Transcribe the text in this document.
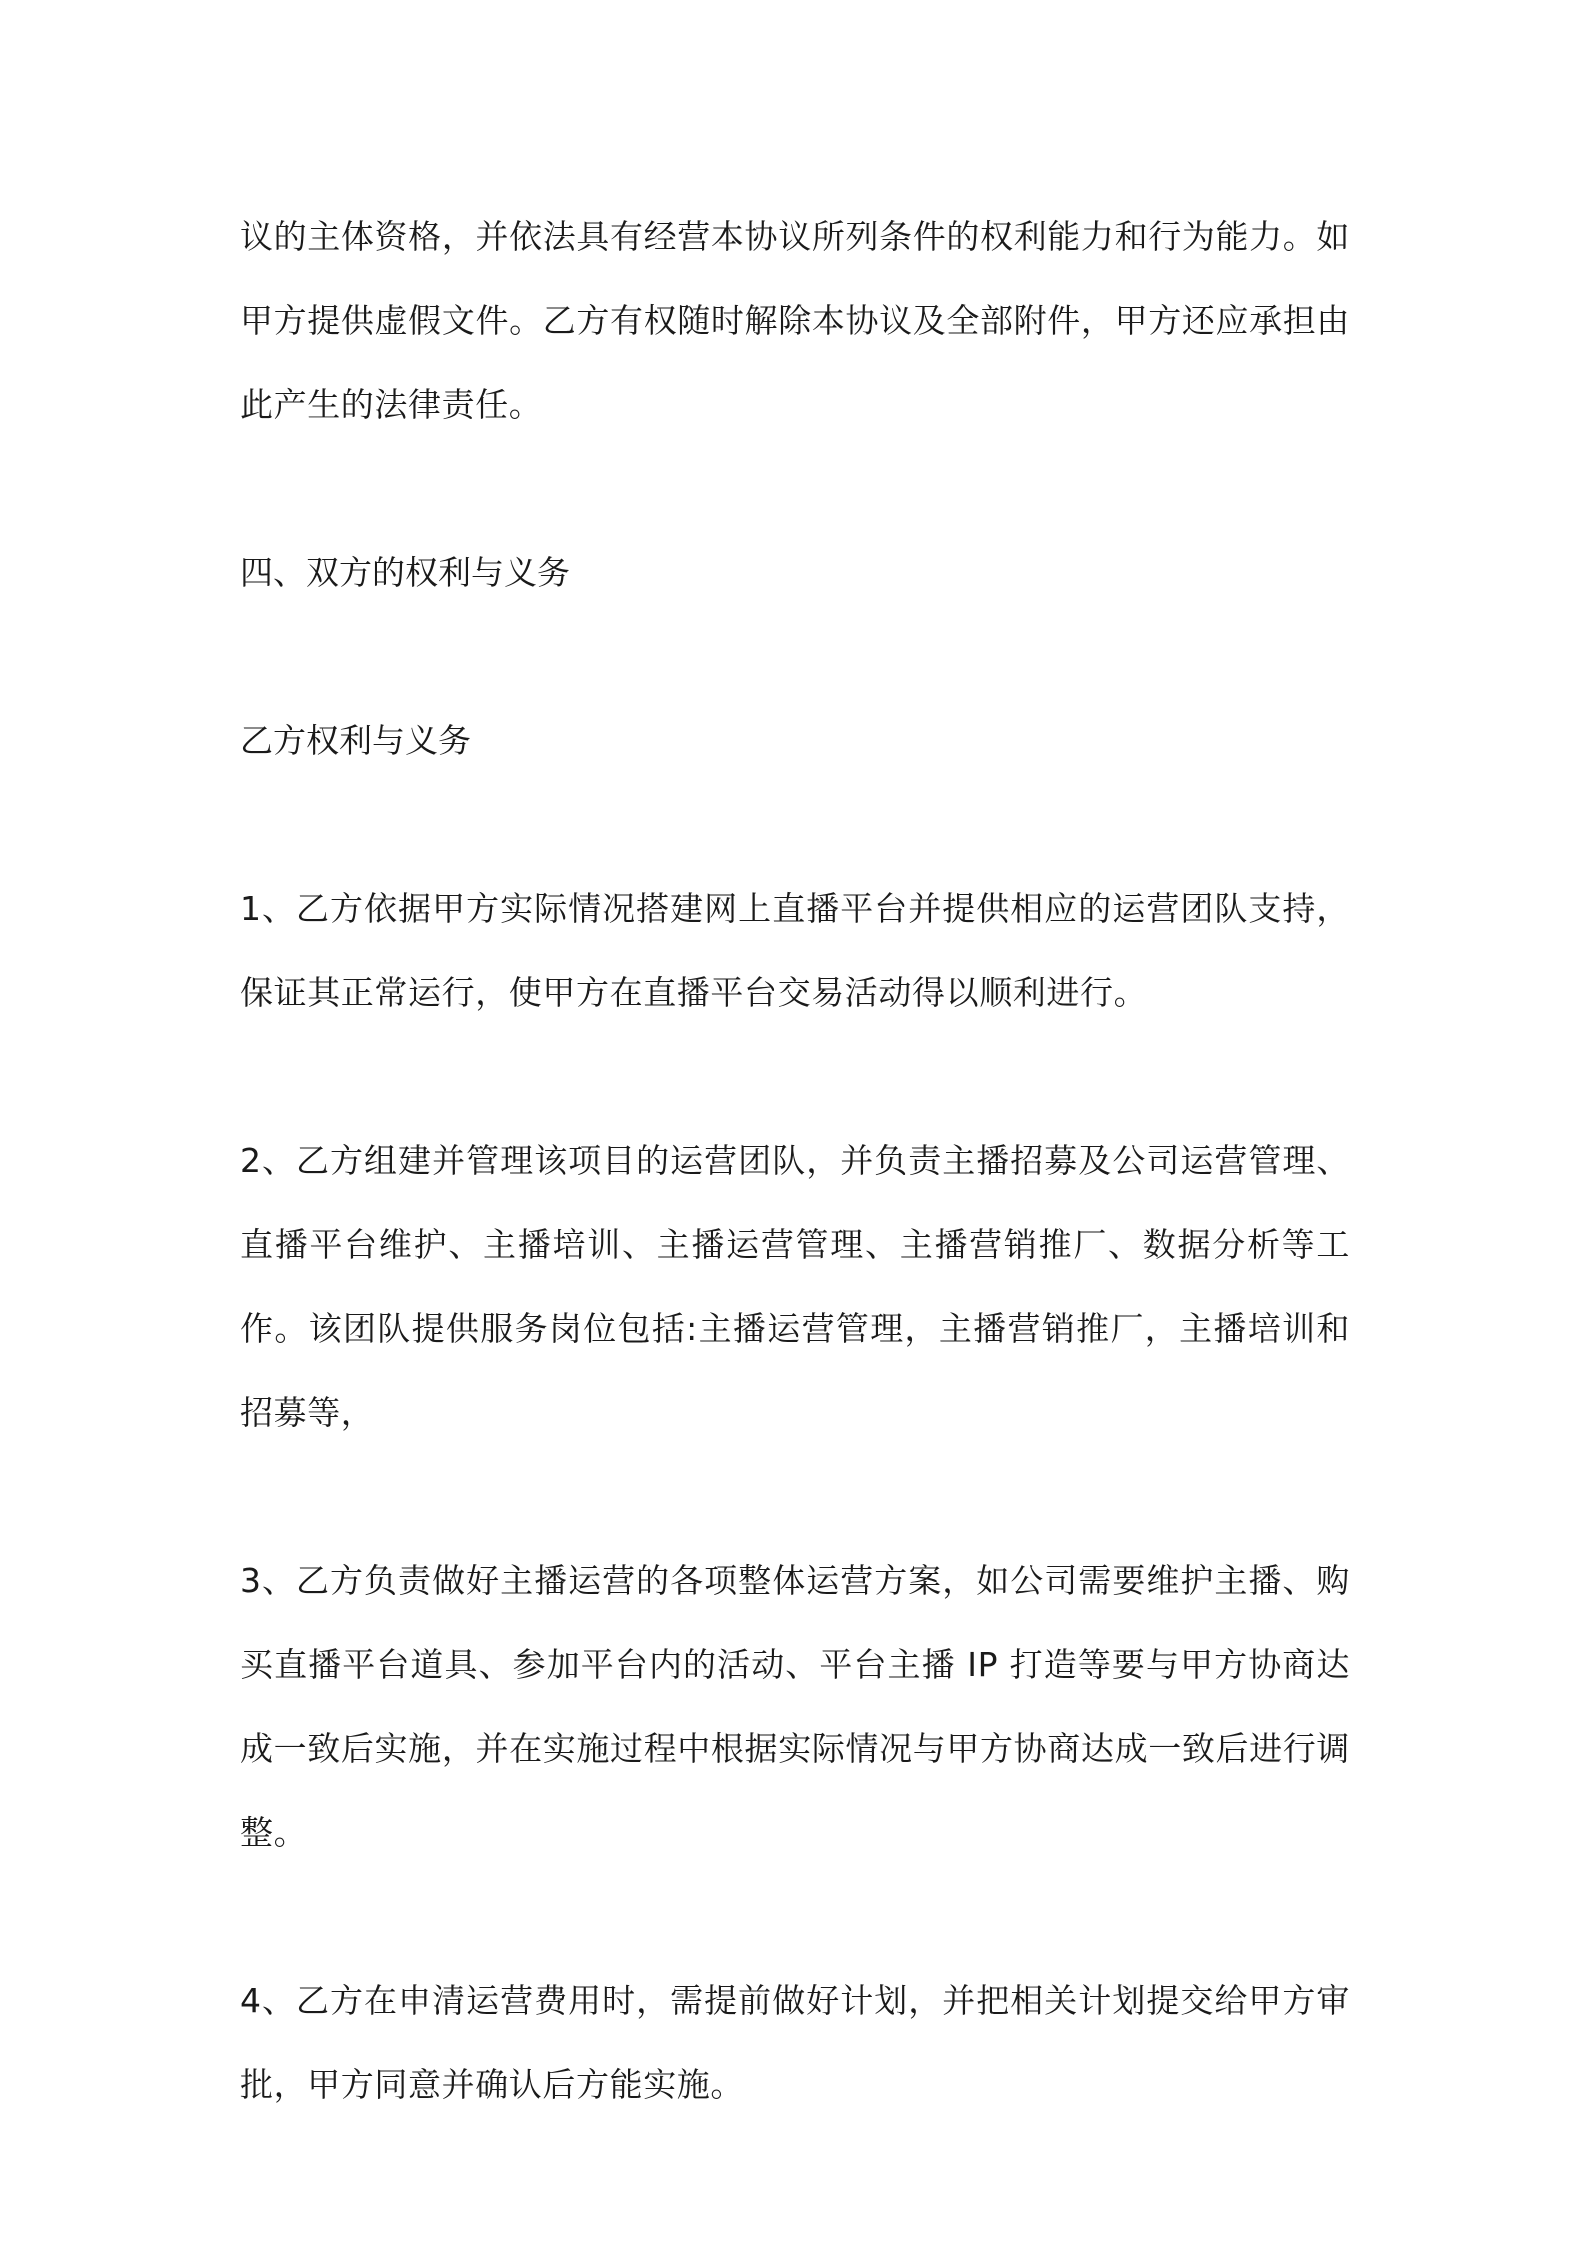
议的主体资格，并依法具有经营本协议所列条件的权利能力和行为能力。如甲方提供虚假文件。乙方有权随时解除本协议及全部附件，甲方还应承担由此产生的法律责任。

四、双方的权利与义务

乙方权利与义务

1、乙方依据甲方实际情况搭建网上直播平台并提供相应的运营团队支持，保证其正常运行，使甲方在直播平台交易活动得以顺利进行。

2、乙方组建并管理该项目的运营团队，并负责主播招募及公司运营管理、直播平台维护、主播培训、主播运营管理、主播营销推厂、数据分析等工作。该团队提供服务岗位包括:主播运营管理，主播营销推厂，主播培训和招募等，

3、乙方负责做好主播运营的各项整体运营方案，如公司需要维护主播、购买直播平台道具、参加平台内的活动、平台主播 IP 打造等要与甲方协商达成一致后实施，并在实施过程中根据实际情况与甲方协商达成一致后进行调整。

4、乙方在申清运营费用时，需提前做好计划，并把相关计划提交给甲方审批，甲方同意并确认后方能实施。
